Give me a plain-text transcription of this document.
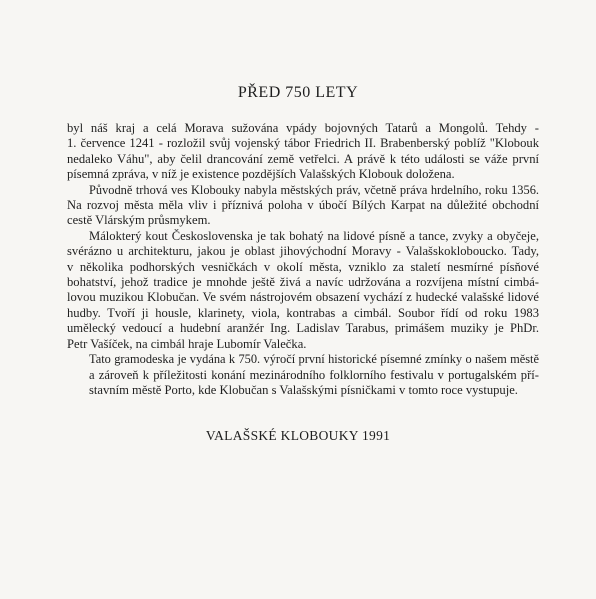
PŘED 750 LETY
byl náš kraj a celá Morava sužována vpády bojovných Tatarů a Mongolů. Tehdy -
1. července 1241 - rozložil svůj vojenský tábor Friedrich II. Brabenberský poblíž "Klobouk
nedaleko Váhu", aby čelil drancování země vetřelci. A právě k této události se váže první
písemná zpráva, v níž je existence pozdějších Valašských Klobouk doložena.
Původně trhová ves Klobouky nabyla městských práv, včetně práva hrdelního, roku 1356.
Na rozvoj města měla vliv i příznivá poloha v úbočí Bílých Karpat na důležité obchodní
cestě Vlárským průsmykem.
Málokterý kout Československa je tak bohatý na lidové písně a tance, zvyky a obyčeje,
svérázno u architekturu, jakou je oblast jihovýchodní Moravy - Valašskokloboucko. Tady,
v několika podhorských vesničkách v okolí města, vzniklo za staletí nesmírné písňové
bohatství, jehož tradice je mnohde ještě živá a navíc udržována a rozvíjena místní cimbá-
lovou muzikou Klobučan. Ve svém nástrojovém obsazení vychází z hudecké valašské lidové
hudby. Tvoří ji housle, klarinety, viola, kontrabas a cimbál. Soubor řídí od roku 1983
umělecký vedoucí a hudební aranžér Ing. Ladislav Tarabus, primášem muziky je PhDr.
Petr Vašíček, na cimbál hraje Lubomír Valečka.
Tato gramodeska je vydána k 750. výročí první historické písemné zmínky o našem městě
a zároveň k příležitosti konání mezinárodního folklorního festivalu v portugalském pří-
stavním městě Porto, kde Klobučan s Valašskými písničkami v tomto roce vystupuje.
VALAŠSKÉ KLOBOUKY 1991
